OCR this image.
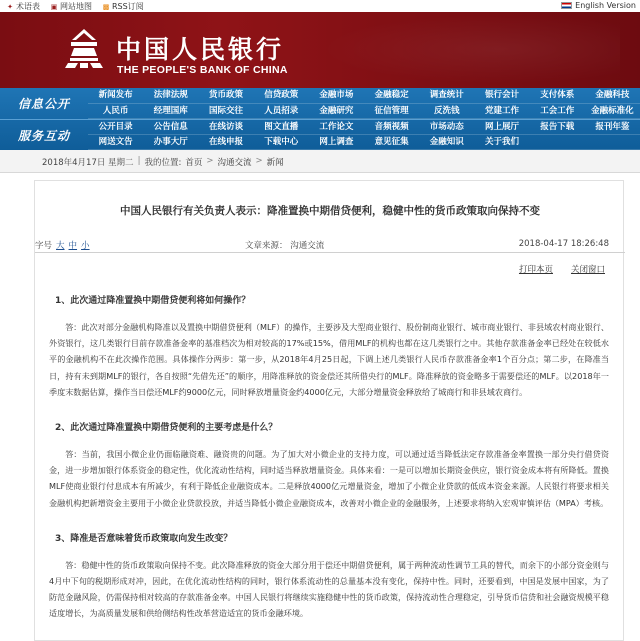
✦ 术语表 ▣ 网站地图 ▩ RSS订阅	English Version
中国人民银行
THE PEOPLE'S BANK OF CHINA
信息公开
服务互动
新闻发布	法律法规	货币政策	信贷政策	金融市场	金融稳定	调查统计	银行会计	支付体系	金融科技
人民币	经理国库	国际交往	人员招录	金融研究	征信管理	反洗钱	党建工作	工会工作	金融标准化
公开目录	公告信息	在线访谈	图文直播	工作论文	音频视频	市场动态	网上展厅	报告下载	报刊年鉴
网送文告	办事大厅	在线申报	下载中心	网上调查	意见征集	金融知识	关于我们
2018年4月17日 星期二 | 我的位置: 首页 > 沟通交流 > 新闻
中国人民银行有关负责人表示：降准置换中期借贷便利，稳健中性的货币政策取向保持不变
字号 大 中 小	文章来源： 沟通交流	2018-04-17 18:26:48
打印本页 关闭窗口
1、此次通过降准置换中期借贷便利将如何操作？
答：此次对部分金融机构降准以及置换中期借贷便利（MLF）的操作，主要涉及大型商业银行、股份制商业银行、城市商业银行、非县域农村商业银行、外资银行，这几类银行目前存款准备金率的基准档次为相对较高的17%或15%，借用MLF的机构也都在这几类银行之中。其他存款准备金率已经处在较低水平的金融机构不在此次操作范围。具体操作分两步：第一步，从2018年4月25日起，下调上述几类银行人民币存款准备金率1个百分点；第二步，在降准当日，持有未到期MLF的银行，各自按照“先借先还”的顺序，用降准释放的资金偿还其所借央行的MLF。降准释放的资金略多于需要偿还的MLF。以2018年一季度末数据估算，操作当日偿还MLF约9000亿元，同时释放增量资金约4000亿元，大部分增量资金释放给了城商行和非县域农商行。
2、此次通过降准置换中期借贷便利的主要考虑是什么？
答：当前，我国小微企业仍面临融资难、融资贵的问题。为了加大对小微企业的支持力度，可以通过适当降低法定存款准备金率置换一部分央行借贷资金，进一步增加银行体系资金的稳定性，优化流动性结构，同时适当释放增量资金。具体来看：一是可以增加长期资金供应，银行资金成本将有所降低。置换MLF使商业银行付息成本有所减少，有利于降低企业融资成本。二是释放4000亿元增量资金，增加了小微企业贷款的低成本资金来源。人民银行将要求相关金融机构把新增资金主要用于小微企业贷款投放，并适当降低小微企业融资成本，改善对小微企业的金融服务，上述要求将纳入宏观审慎评估（MPA）考核。
3、降准是否意味着货币政策取向发生改变？
答：稳健中性的货币政策取向保持不变。此次降准释放的资金大部分用于偿还中期借贷便利，属于两种流动性调节工具的替代，而余下的小部分资金则与4月中下旬的税期形成对冲，因此，在优化流动性结构的同时，银行体系流动性的总量基本没有变化，保持中性。同时，还要看到，中国是发展中国家，为了防范金融风险，仍需保持相对较高的存款准备金率。中国人民银行将继续实施稳健中性的货币政策，保持流动性合理稳定，引导货币信贷和社会融资规模平稳适度增长，为高质量发展和供给侧结构性改革营造适宜的货币金融环境。
